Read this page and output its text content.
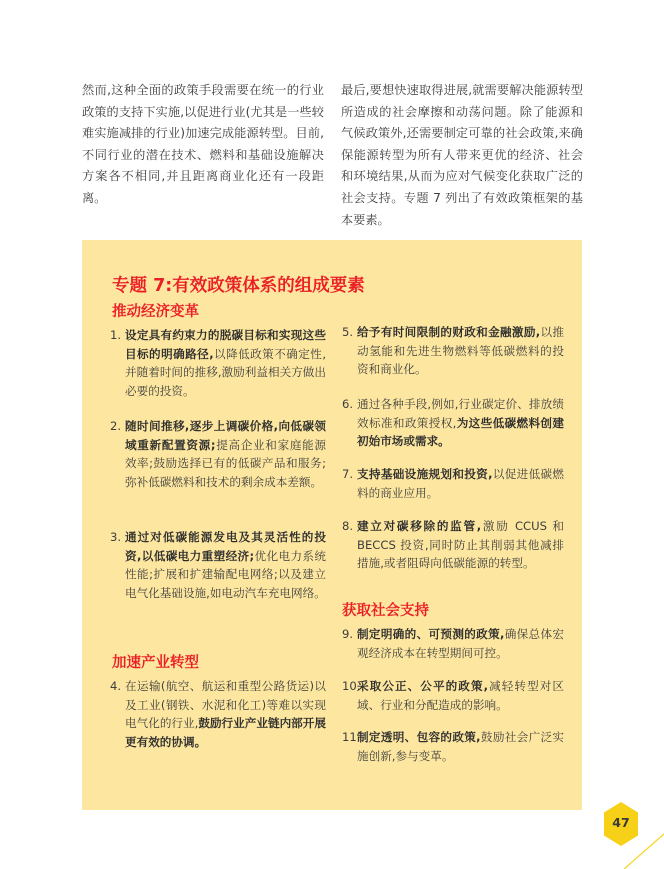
然而,这种全面的政策手段需要在统一的行业政策的支持下实施,以促进行业(尤其是一些较难实施减排的行业)加速完成能源转型。目前,不同行业的潜在技术、燃料和基础设施解决方案各不相同,并且距离商业化还有一段距离。
最后,要想快速取得进展,就需要解决能源转型所造成的社会摩擦和动荡问题。除了能源和气候政策外,还需要制定可靠的社会政策,来确保能源转型为所有人带来更优的经济、社会和环境结果,从而为应对气候变化获取广泛的社会支持。专题 7 列出了有效政策框架的基本要素。
专题 7:有效政策体系的组成要素
推动经济变革
1. 设定具有约束力的脱碳目标和实现这些目标的明确路径,以降低政策不确定性,并随着时间的推移,激励利益相关方做出必要的投资。
2. 随时间推移,逐步上调碳价格,向低碳领域重新配置资源;提高企业和家庭能源效率;鼓励选择已有的低碳产品和服务;弥补低碳燃料和技术的剩余成本差额。
3. 通过对低碳能源发电及其灵活性的投资,以低碳电力重塑经济;优化电力系统性能;扩展和扩建输配电网络;以及建立电气化基础设施,如电动汽车充电网络。
加速产业转型
4. 在运输(航空、航运和重型公路货运)以及工业(钢铁、水泥和化工)等难以实现电气化的行业,鼓励行业产业链内部开展更有效的协调。
5. 给予有时间限制的财政和金融激励,以推动氢能和先进生物燃料等低碳燃料的投资和商业化。
6. 通过各种手段,例如,行业碳定价、排放绩效标准和政策授权,为这些低碳燃料创建初始市场或需求。
7. 支持基础设施规划和投资,以促进低碳燃料的商业应用。
8. 建立对碳移除的监管,激励 CCUS 和 BECCS 投资,同时防止其削弱其他减排措施,或者阻碍向低碳能源的转型。
获取社会支持
9. 制定明确的、可预测的政策,确保总体宏观经济成本在转型期间可控。
10.
采取公正、公平的政策,减轻转型对区域、行业和分配造成的影响。
11.
制定透明、包容的政策,鼓励社会广泛实施创新,参与变革。
47
